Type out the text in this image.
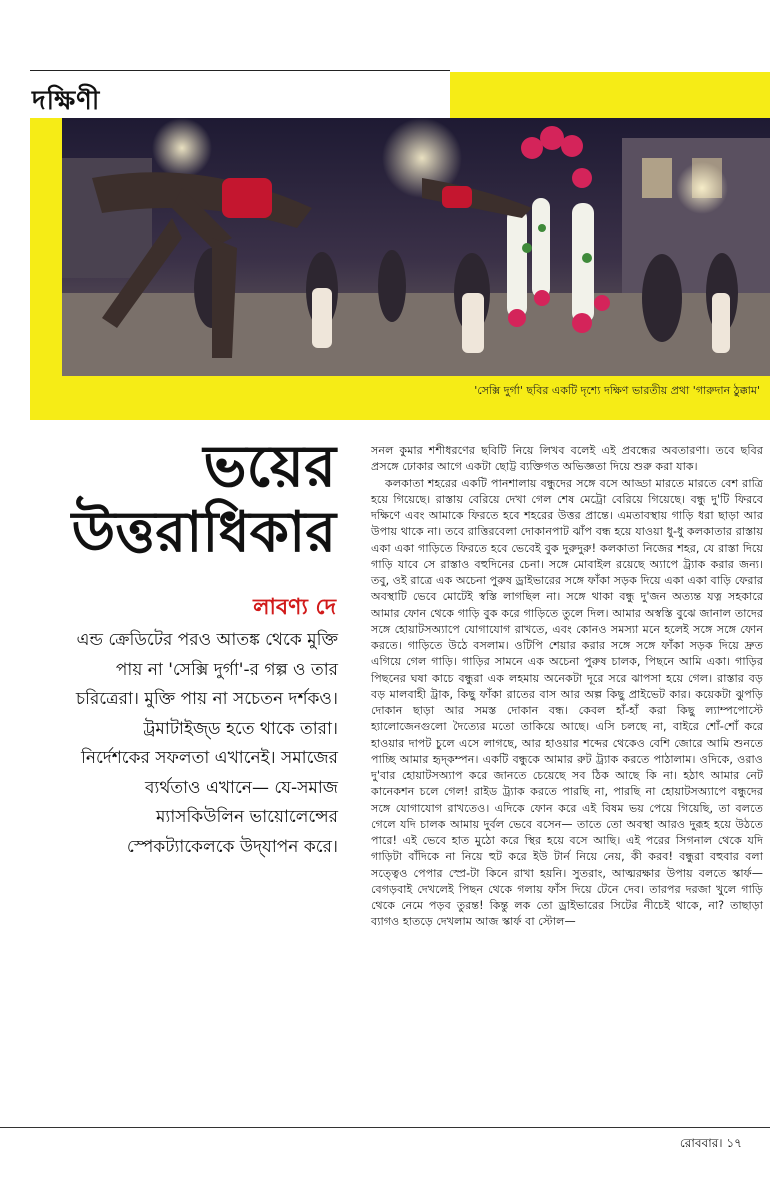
দক্ষিণী
'সেক্সি দুর্গা' ছবির একটি দৃশ্যে দক্ষিণ ভারতীয় প্রথা 'গারুদান ঠুক্কাম'
ভয়ের
উত্তরাধিকার
লাবণ্য দে
এন্ড ক্রেডিটের পরও আতঙ্ক থেকে মুক্তি পায় না 'সেক্সি দুর্গা'-র গল্প ও তার চরিত্রেরা। মুক্তি পায় না সচেতন দর্শকও। ট্রমাটাইজ্‌ড হতে থাকে তারা। নির্দেশকের সফলতা এখানেই। সমাজের ব্যর্থতাও এখানে— যে-সমাজ ম্যাসকিউলিন ভায়োলেন্সের স্পেকট্যাকেলকে উদ্‌যাপন করে।

সনল কুমার শশীধরণের ছবিটি নিয়ে লিখব বলেই এই প্রবন্ধের অবতারণা। তবে ছবির প্রসঙ্গে ঢোকার আগে একটা ছোট্ট ব্যক্তিগত অভিজ্ঞতা দিয়ে শুরু করা যাক।

কলকাতা শহরের একটি পানশালায় বন্ধুদের সঙ্গে বসে আড্ডা মারতে মারতে বেশ রাত্রি হয়ে গিয়েছে। রাস্তায় বেরিয়ে দেখা গেল শেষ মেট্রো বেরিয়ে গিয়েছে। বন্ধু দু'টি ফিরবে দক্ষিণে এবং আমাকে ফিরতে হবে শহরের উত্তর প্রান্তে। এমতাবস্থায় গাড়ি ধরা ছাড়া আর উপায় থাকে না। তবে রাত্তিরবেলা দোকানপাট ঝাঁপ বন্ধ হয়ে যাওয়া ধু-ধু কলকাতার রাস্তায় একা একা গাড়িতে ফিরতে হবে ভেবেই বুক দুরুদুরু! কলকাতা নিজের শহর, যে রাস্তা দিয়ে গাড়ি যাবে সে রাস্তাও বহুদিনের চেনা। সঙ্গে মোবাইল রয়েছে অ্যাপে ট্র্যাক করার জন্য। তবু, ওই রাত্রে এক অচেনা পুরুষ ড্রাইভারের সঙ্গে ফাঁকা সড়ক দিয়ে একা একা বাড়ি ফেরার অবস্থাটি ভেবে মোটেই স্বস্তি লাগছিল না। সঙ্গে থাকা বন্ধু দু'জন অত্যন্ত যত্ন সহকারে আমার ফোন থেকে গাড়ি বুক করে গাড়িতে তুলে দিল। আমার অস্বস্তি বুঝে জানাল তাদের সঙ্গে হোয়াটসঅ্যাপে যোগাযোগ রাখতে, এবং কোনও সমস্যা মনে হলেই সঙ্গে সঙ্গে ফোন করতে। গাড়িতে উঠে বসলাম। ওটিপি শেয়ার করার সঙ্গে সঙ্গে ফাঁকা সড়ক দিয়ে দ্রুত এগিয়ে গেল গাড়ি। গাড়ির সামনে এক অচেনা পুরুষ চালক, পিছনে আমি একা। গাড়ির পিছনের ঘষা কাচে বন্ধুরা এক লহমায় অনেকটা দূরে সরে ঝাপসা হয়ে গেল। রাস্তার বড় বড় মালবাহী ট্রাক, কিছু ফাঁকা রাতের বাস আর অল্প কিছু প্রাইভেট কার। কয়েকটা ঝুপড়ি দোকান ছাড়া আর সমস্ত দোকান বন্ধ। কেবল হাঁ-হাঁ করা কিছু ল্যাম্পপোস্টে হ্যালোজেনগুলো দৈত্যের মতো তাকিয়ে আছে। এসি চলছে না, বাইরে শোঁ-শোঁ করে হাওয়ার দাপট চুলে এসে লাগছে, আর হাওয়ার শব্দের থেকেও বেশি জোরে আমি শুনতে পাচ্ছি আমার হৃদ্‌কম্পন। একটি বন্ধুকে আমার রুট ট্র্যাক করতে পাঠালাম। ওদিকে, ওরাও দু'বার হোয়াটসঅ্যাপ করে জানতে চেয়েছে সব ঠিক আছে কি না। হঠাৎ আমার নেট কানেকশন চলে গেল! রাইড ট্র্যাক করতে পারছি না, পারছি না হোয়াটসঅ্যাপে বন্ধুদের সঙ্গে যোগাযোগ রাখতেও। এদিকে ফোন করে এই বিষম ভয় পেয়ে গিয়েছি, তা বলতে গেলে যদি চালক আমায় দুর্বল ভেবে বসেন— তাতে তো অবস্থা আরও দুরূহ হয়ে উঠতে পারে! এই ভেবে হাত মুঠো করে স্থির হয়ে বসে আছি। এই পরের সিগনাল থেকে যদি গাড়িটা বাঁদিকে না নিয়ে হুট করে ইউ টার্ন নিয়ে নেয়, কী করব! বন্ধুরা বহুবার বলা সত্ত্বেও পেপার স্প্রে-টা কিনে রাখা হয়নি। সুতরাং, আত্মরক্ষার উপায় বলতে স্কার্ফ— বেগড়বাই দেখলেই পিছন থেকে গলায় ফাঁস দিয়ে টেনে দেব। তারপর দরজা খুলে গাড়ি থেকে নেমে পড়ব তুরন্ত! কিন্তু লক তো ড্রাইভারের সিটের নীচেই থাকে, না? তাছাড়া ব্যাগও হাতড়ে দেখলাম আজ স্কার্ফ বা স্টোল—

রোববার। ১৭
